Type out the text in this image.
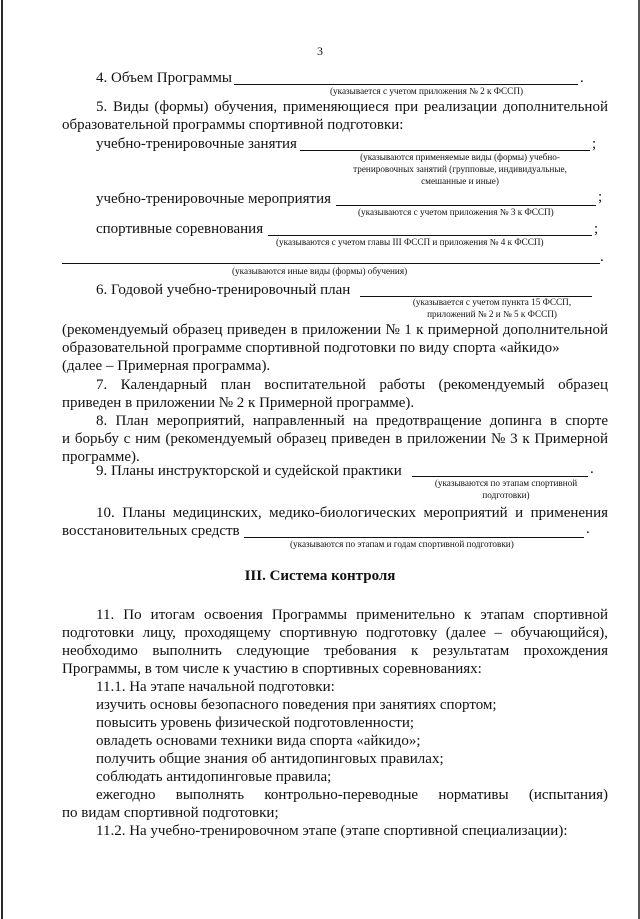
3
4. Объем Программы	.
(указывается с учетом приложения № 2 к ФССП)
5. Виды (формы) обучения, применяющиеся при реализации дополнительной
образовательной программы спортивной подготовки:
учебно-тренировочные занятия	;
(указываются применяемые виды (формы) учебно-
тренировочных занятий (групповые, индивидуальные,
смешанные и иные)
учебно-тренировочные мероприятия	;
(указываются с учетом приложения № 3 к ФССП)
спортивные соревнования	;
(указываются с учетом главы III ФССП и приложения № 4 к ФССП)
.
(указываются иные виды (формы) обучения)
6. Годовой учебно-тренировочный план
(указывается с учетом пункта 15 ФССП,
приложений № 2 и № 5 к ФССП)
(рекомендуемый образец приведен в приложении № 1 к примерной дополнительной
образовательной программе спортивной подготовки по виду спорта «айкидо»
(далее – Примерная программа).
7. Календарный план воспитательной работы (рекомендуемый образец
приведен в приложении № 2 к Примерной программе).
8. План мероприятий, направленный на предотвращение допинга в спорте
и борьбу с ним (рекомендуемый образец приведен в приложении № 3 к Примерной
программе).
9. Планы инструкторской и судейской практики	.
(указываются по этапам спортивной
подготовки)
10. Планы медицинских, медико-биологических мероприятий и применения
восстановительных средств	.
(указываются по этапам и годам спортивной подготовки)
III. Система контроля
11. По итогам освоения Программы применительно к этапам спортивной
подготовки лицу, проходящему спортивную подготовку (далее – обучающийся),
необходимо выполнить следующие требования к результатам прохождения
Программы, в том числе к участию в спортивных соревнованиях:
11.1. На этапе начальной подготовки:
изучить основы безопасного поведения при занятиях спортом;
повысить уровень физической подготовленности;
овладеть основами техники вида спорта «айкидо»;
получить общие знания об антидопинговых правилах;
соблюдать антидопинговые правила;
ежегодно выполнять контрольно-переводные нормативы (испытания)
по видам спортивной подготовки;
11.2. На учебно-тренировочном этапе (этапе спортивной специализации):
